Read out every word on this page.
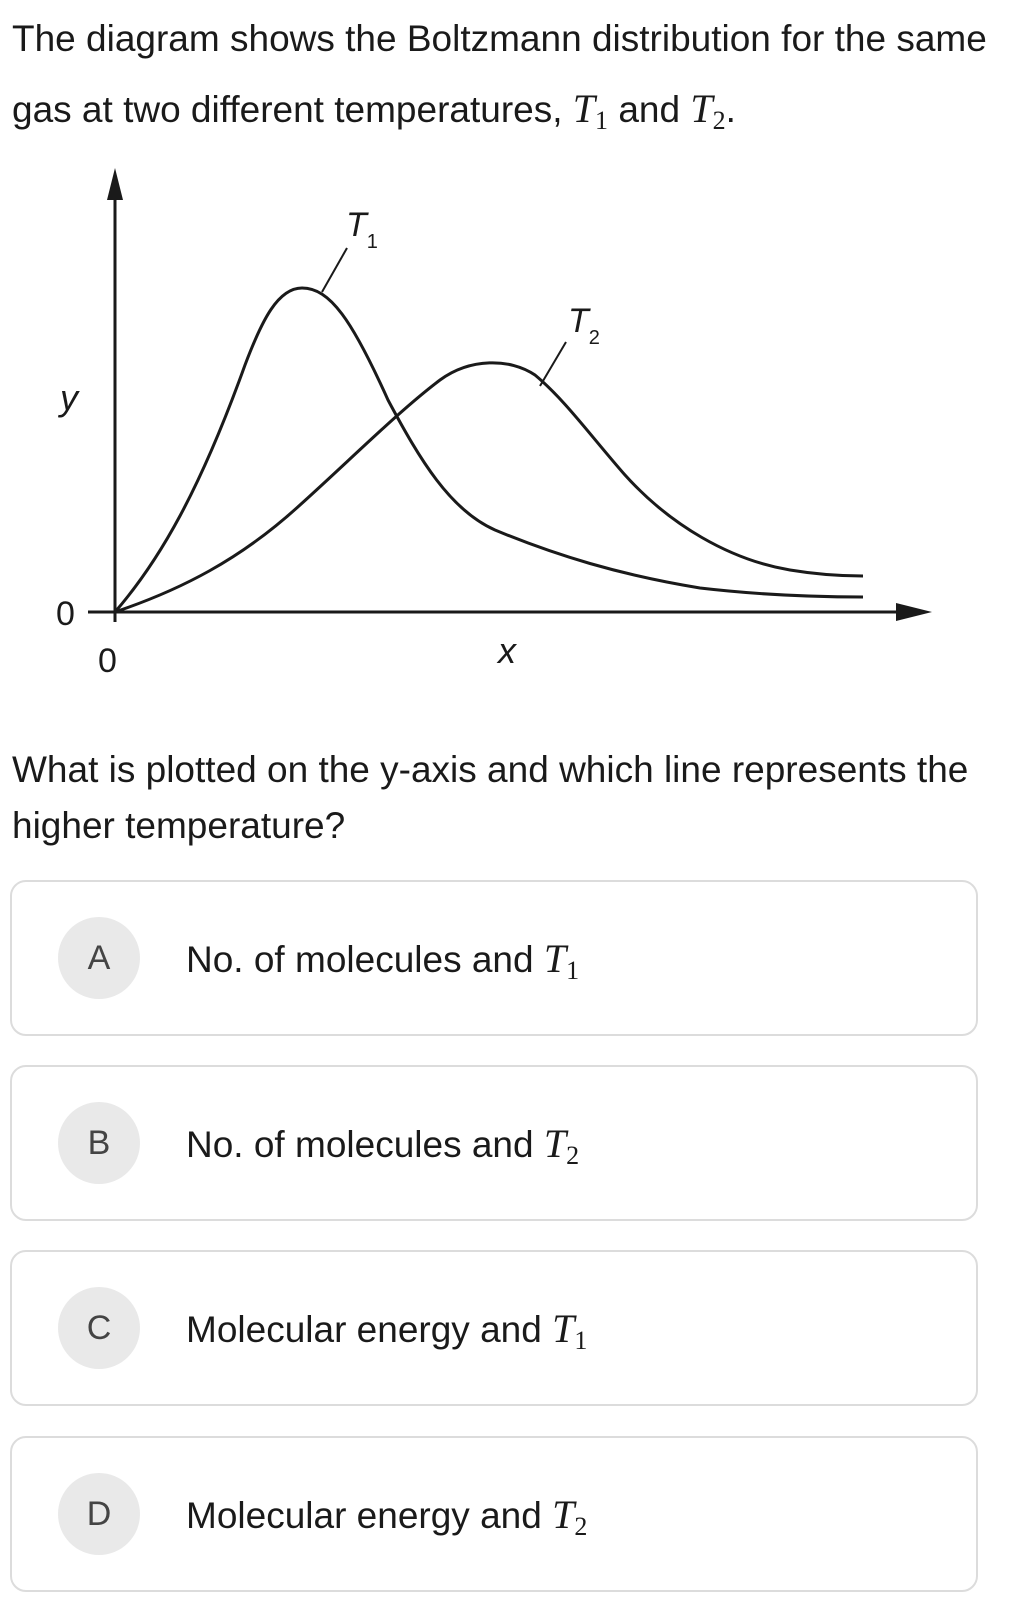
The diagram shows the Boltzmann distribution for the same gas at two different temperatures, $T_1$ and $T_2$.

$T_1$
$T_2$
y
x
0
0

What is plotted on the y-axis and which line represents the higher temperature?

A	No. of molecules and $T_1$
B	No. of molecules and $T_2$
C	Molecular energy and $T_1$
D	Molecular energy and $T_2$
